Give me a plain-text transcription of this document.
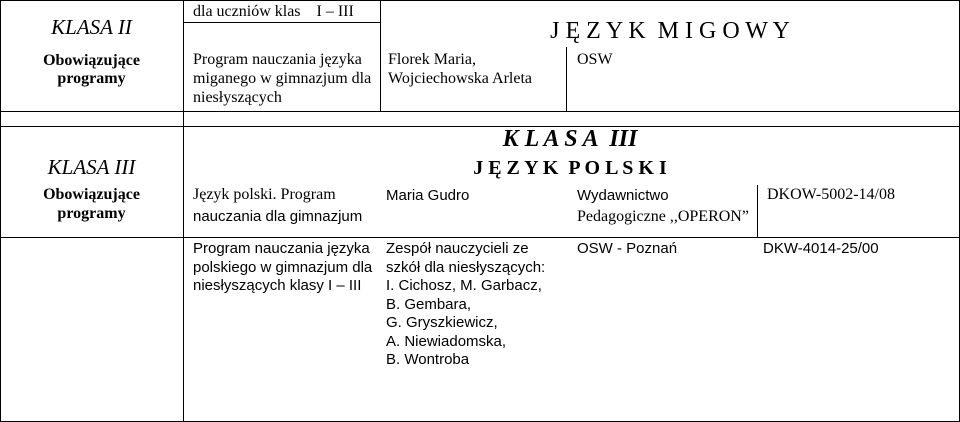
KLASA II
Obowiązujące
programy
KLASA III
Obowiązujące
programy
dla uczniów klas    I – III
J Ę Z Y K  M I G O W Y
Program nauczania języka
miganego w gimnazjum dla
niesłyszących
Florek Maria,
Wojciechowska Arleta
OSW
K L A S A  III
J Ę Z Y K  P O L S K I
Język polski. Program
nauczania dla gimnazjum
Maria Gudro	Wydawnictwo
Pedagogiczne ,,OPERON”
DKOW-5002-14/08
Program nauczania języka
polskiego w gimnazjum dla
niesłyszących klasy I – III
Zespół nauczycieli ze
szkół dla niesłyszących:
I. Cichosz, M. Garbacz,
B. Gembara,
G. Gryszkiewicz,
A. Niewiadomska,
B. Wontroba
OSW - Poznań	DKW-4014-25/00
